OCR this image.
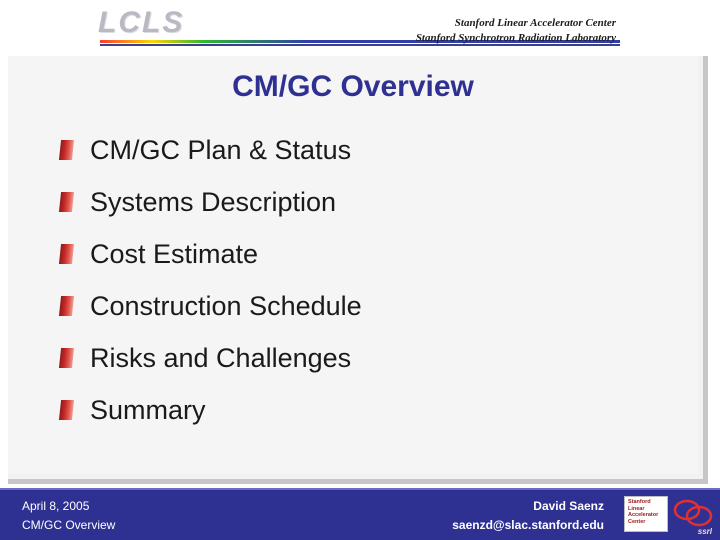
LCLS	Stanford Linear Accelerator Center
Stanford Synchrotron Radiation Laboratory
CM/GC Overview
CM/GC Plan & Status
Systems Description
Cost Estimate
Construction Schedule
Risks and Challenges
Summary
April 8, 2005
CM/GC Overview
David Saenz
saenzd@slac.stanford.edu
Stanford
Linear
Accelerator
Center
ssrl
